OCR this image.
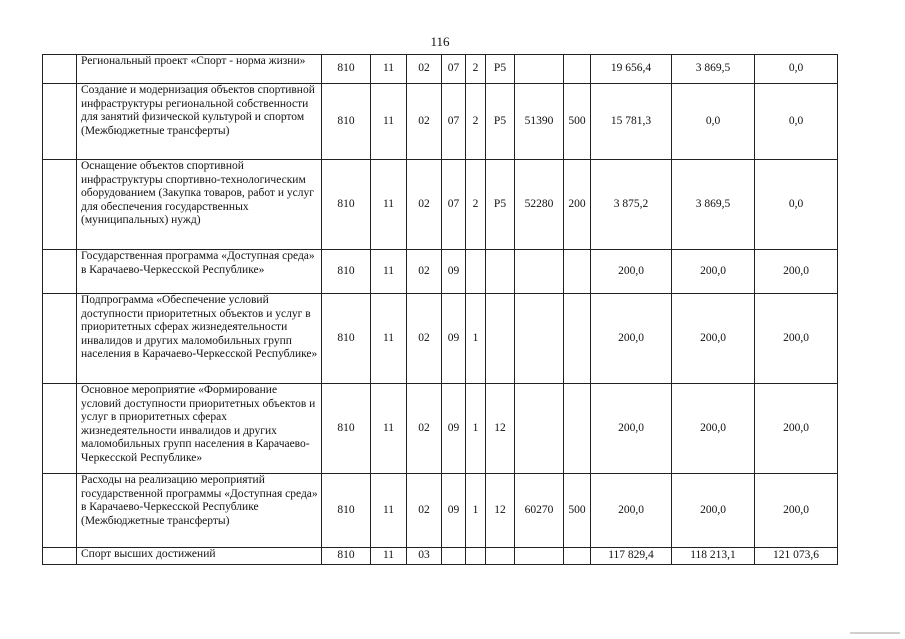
116
	Региональный проект «Спорт - норма жизни»	810	11	02	07	2	Р5			19 656,4	3 869,5	0,0
	Создание и модернизация объектов спортивной инфраструктуры региональной собственности для занятий физической культурой и спортом (Межбюджетные трансферты)	810	11	02	07	2	Р5	51390	500	15 781,3	0,0	0,0
	Оснащение объектов спортивной инфраструктуры спортивно-технологическим оборудованием (Закупка товаров, работ и услуг для обеспечения государственных (муниципальных) нужд)	810	11	02	07	2	Р5	52280	200	3 875,2	3 869,5	0,0
	Государственная программа «Доступная среда» в Карачаево-Черкесской Республике»	810	11	02	09					200,0	200,0	200,0
	Подпрограмма «Обеспечение условий доступности приоритетных объектов и услуг в приоритетных сферах жизнедеятельности инвалидов и других маломобильных групп населения в Карачаево-Черкесской Республике»	810	11	02	09	1				200,0	200,0	200,0
	Основное мероприятие «Формирование условий доступности приоритетных объектов и услуг в приоритетных сферах жизнедеятельности инвалидов и других маломобильных групп населения в Карачаево-Черкесской Республике»	810	11	02	09	1	12			200,0	200,0	200,0
	Расходы на реализацию мероприятий государственной программы «Доступная среда» в Карачаево-Черкесской Республике (Межбюджетные трансферты)	810	11	02	09	1	12	60270	500	200,0	200,0	200,0
	Спорт высших достижений	810	11	03						117 829,4	118 213,1	121 073,6
